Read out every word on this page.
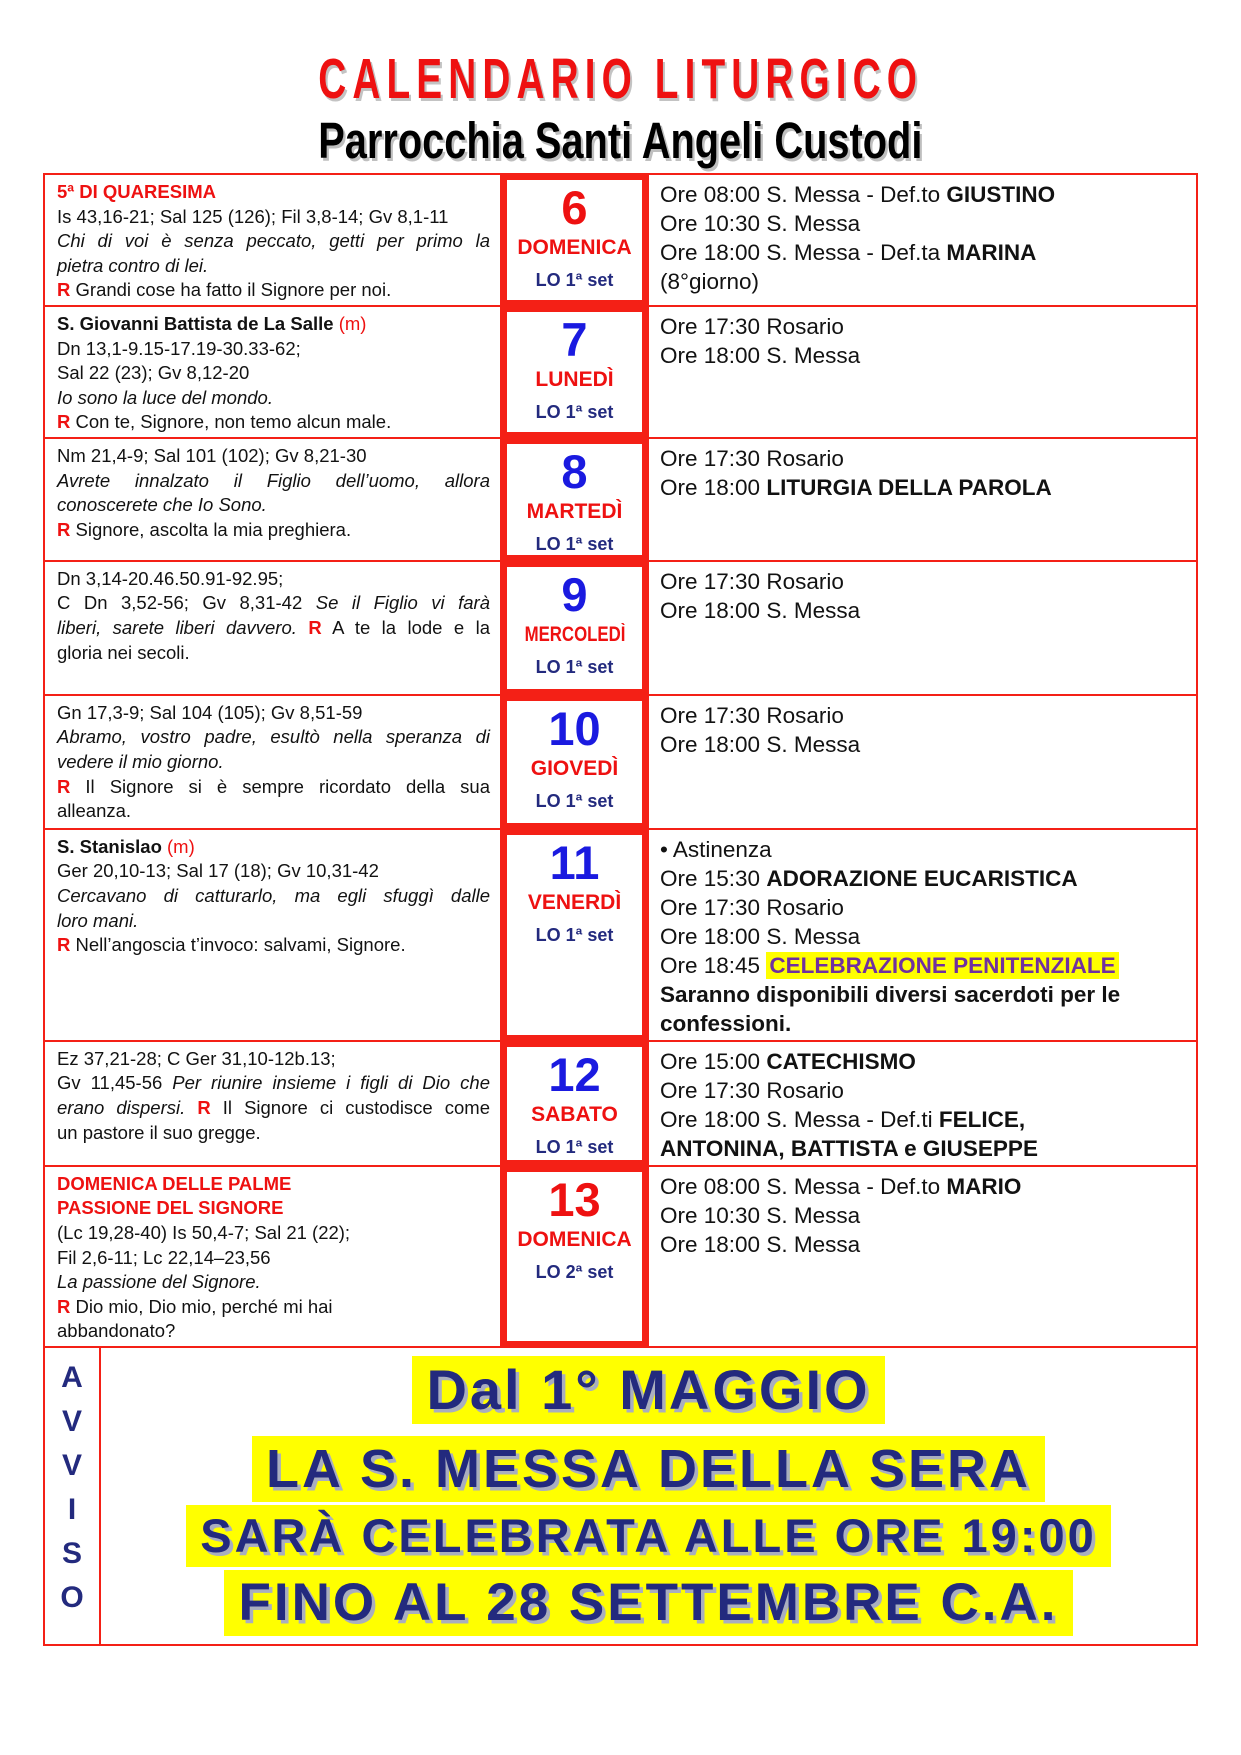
CALENDARIO LITURGICO
Parrocchia Santi Angeli Custodi
5ª DI QUARESIMA
Is 43,16-21; Sal 125 (126); Fil 3,8-14; Gv 8,1-11
Chi di voi è senza peccato, getti per primo la
pietra contro di lei.
R Grandi cose ha fatto il Signore per noi.
6
DOMENICA
LO 1ª set
Ore 08:00 S. Messa - Def.to GIUSTINO
Ore 10:30 S. Messa
Ore 18:00 S. Messa - Def.ta MARINA
(8°giorno)
S. Giovanni Battista de La Salle (m)
Dn 13,1-9.15-17.19-30.33-62;
Sal 22 (23); Gv 8,12-20
Io sono la luce del mondo.
R Con te, Signore, non temo alcun male.
7
LUNEDÌ
LO 1ª set
Ore 17:30 Rosario
Ore 18:00 S. Messa
Nm 21,4-9; Sal 101 (102); Gv 8,21-30
Avrete innalzato il Figlio dell’uomo, allora
conoscerete che Io Sono.
R Signore, ascolta la mia preghiera.
8
MARTEDÌ
LO 1ª set
Ore 17:30 Rosario
Ore 18:00 LITURGIA DELLA PAROLA
Dn 3,14-20.46.50.91-92.95;
C Dn 3,52-56; Gv 8,31-42 Se il Figlio vi farà
liberi, sarete liberi davvero. R A te la lode e la
gloria nei secoli.
9
MERCOLEDÌ
LO 1ª set
Ore 17:30 Rosario
Ore 18:00 S. Messa
Gn 17,3-9; Sal 104 (105); Gv 8,51-59
Abramo, vostro padre, esultò nella speranza di
vedere il mio giorno.
R Il Signore si è sempre ricordato della sua
alleanza.
10
GIOVEDÌ
LO 1ª set
Ore 17:30 Rosario
Ore 18:00 S. Messa
S. Stanislao (m)
Ger 20,10-13; Sal 17 (18); Gv 10,31-42
Cercavano di catturarlo, ma egli sfuggì dalle
loro mani.
R Nell’angoscia t’invoco: salvami, Signore.
11
VENERDÌ
LO 1ª set
• Astinenza
Ore 15:30 ADORAZIONE EUCARISTICA
Ore 17:30 Rosario
Ore 18:00 S. Messa
Ore 18:45 CELEBRAZIONE PENITENZIALE
Saranno disponibili diversi sacerdoti per le
confessioni.
Ez 37,21-28; C Ger 31,10-12b.13;
Gv 11,45-56 Per riunire insieme i figli di Dio che
erano dispersi. R Il Signore ci custodisce come
un pastore il suo gregge.
12
SABATO
LO 1ª set
Ore 15:00 CATECHISMO
Ore 17:30 Rosario
Ore 18:00 S. Messa - Def.ti FELICE,
ANTONINA, BATTISTA e GIUSEPPE
DOMENICA DELLE PALME
PASSIONE DEL SIGNORE
(Lc 19,28-40) Is 50,4-7; Sal 21 (22);
Fil 2,6-11; Lc 22,14–23,56
La passione del Signore.
R Dio mio, Dio mio, perché mi hai
abbandonato?
13
DOMENICA
LO 2ª set
Ore 08:00 S. Messa - Def.to MARIO
Ore 10:30 S. Messa
Ore 18:00 S. Messa
A
V
V
I
S
O
Dal 1° MAGGIO
LA S. MESSA DELLA SERA
SARÀ CELEBRATA ALLE ORE 19:00
FINO AL 28 SETTEMBRE C.A.
